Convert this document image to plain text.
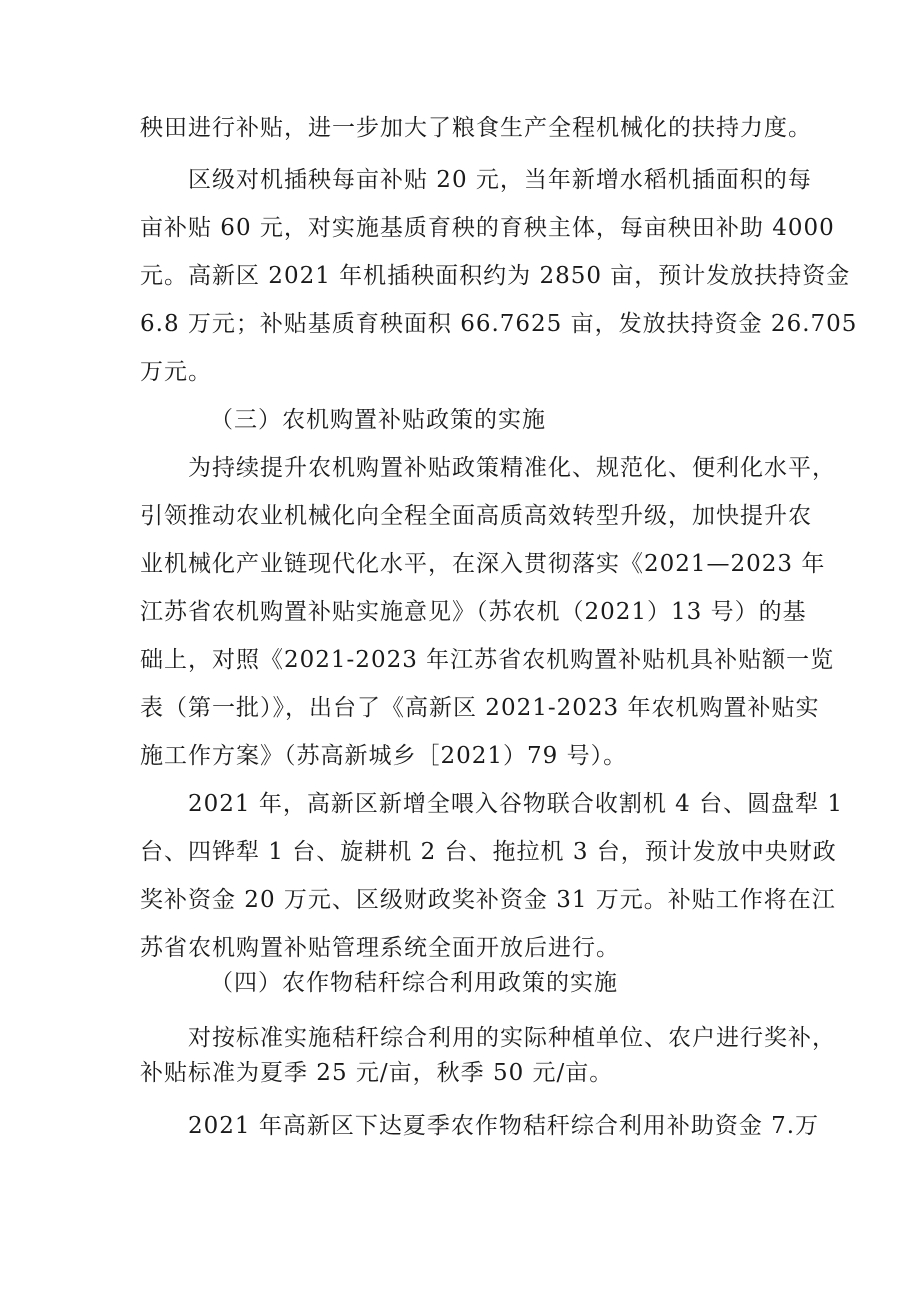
秧田进行补贴，进一步加大了粮食生产全程机械化的扶持力度。
区级对机插秧每亩补贴 20 元，当年新增水稻机插面积的每
亩补贴 60 元，对实施基质育秧的育秧主体，每亩秧田补助 4000
元。高新区 2021 年机插秧面积约为 2850 亩，预计发放扶持资金
6.8 万元；补贴基质育秧面积 66.7625 亩，发放扶持资金 26.705
万元。
（三）农机购置补贴政策的实施
为持续提升农机购置补贴政策精准化、规范化、便利化水平，
引领推动农业机械化向全程全面高质高效转型升级，加快提升农
业机械化产业链现代化水平，在深入贯彻落实《2021—2023 年
江苏省农机购置补贴实施意见》（苏农机（2021）13 号）的基
础上，对照《2021-2023 年江苏省农机购置补贴机具补贴额一览
表（第一批）》，出台了《高新区 2021-2023 年农机购置补贴实
施工作方案》（苏高新城乡［2021）79 号）。
2021 年，高新区新增全喂入谷物联合收割机 4 台、圆盘犁 1
台、四铧犁 1 台、旋耕机 2 台、拖拉机 3 台，预计发放中央财政
奖补资金 20 万元、区级财政奖补资金 31 万元。补贴工作将在江
苏省农机购置补贴管理系统全面开放后进行。
（四）农作物秸秆综合利用政策的实施
对按标准实施秸秆综合利用的实际种植单位、农户进行奖补，
补贴标准为夏季 25 元/亩，秋季 50 元/亩。
2021 年高新区下达夏季农作物秸秆综合利用补助资金 7.万
